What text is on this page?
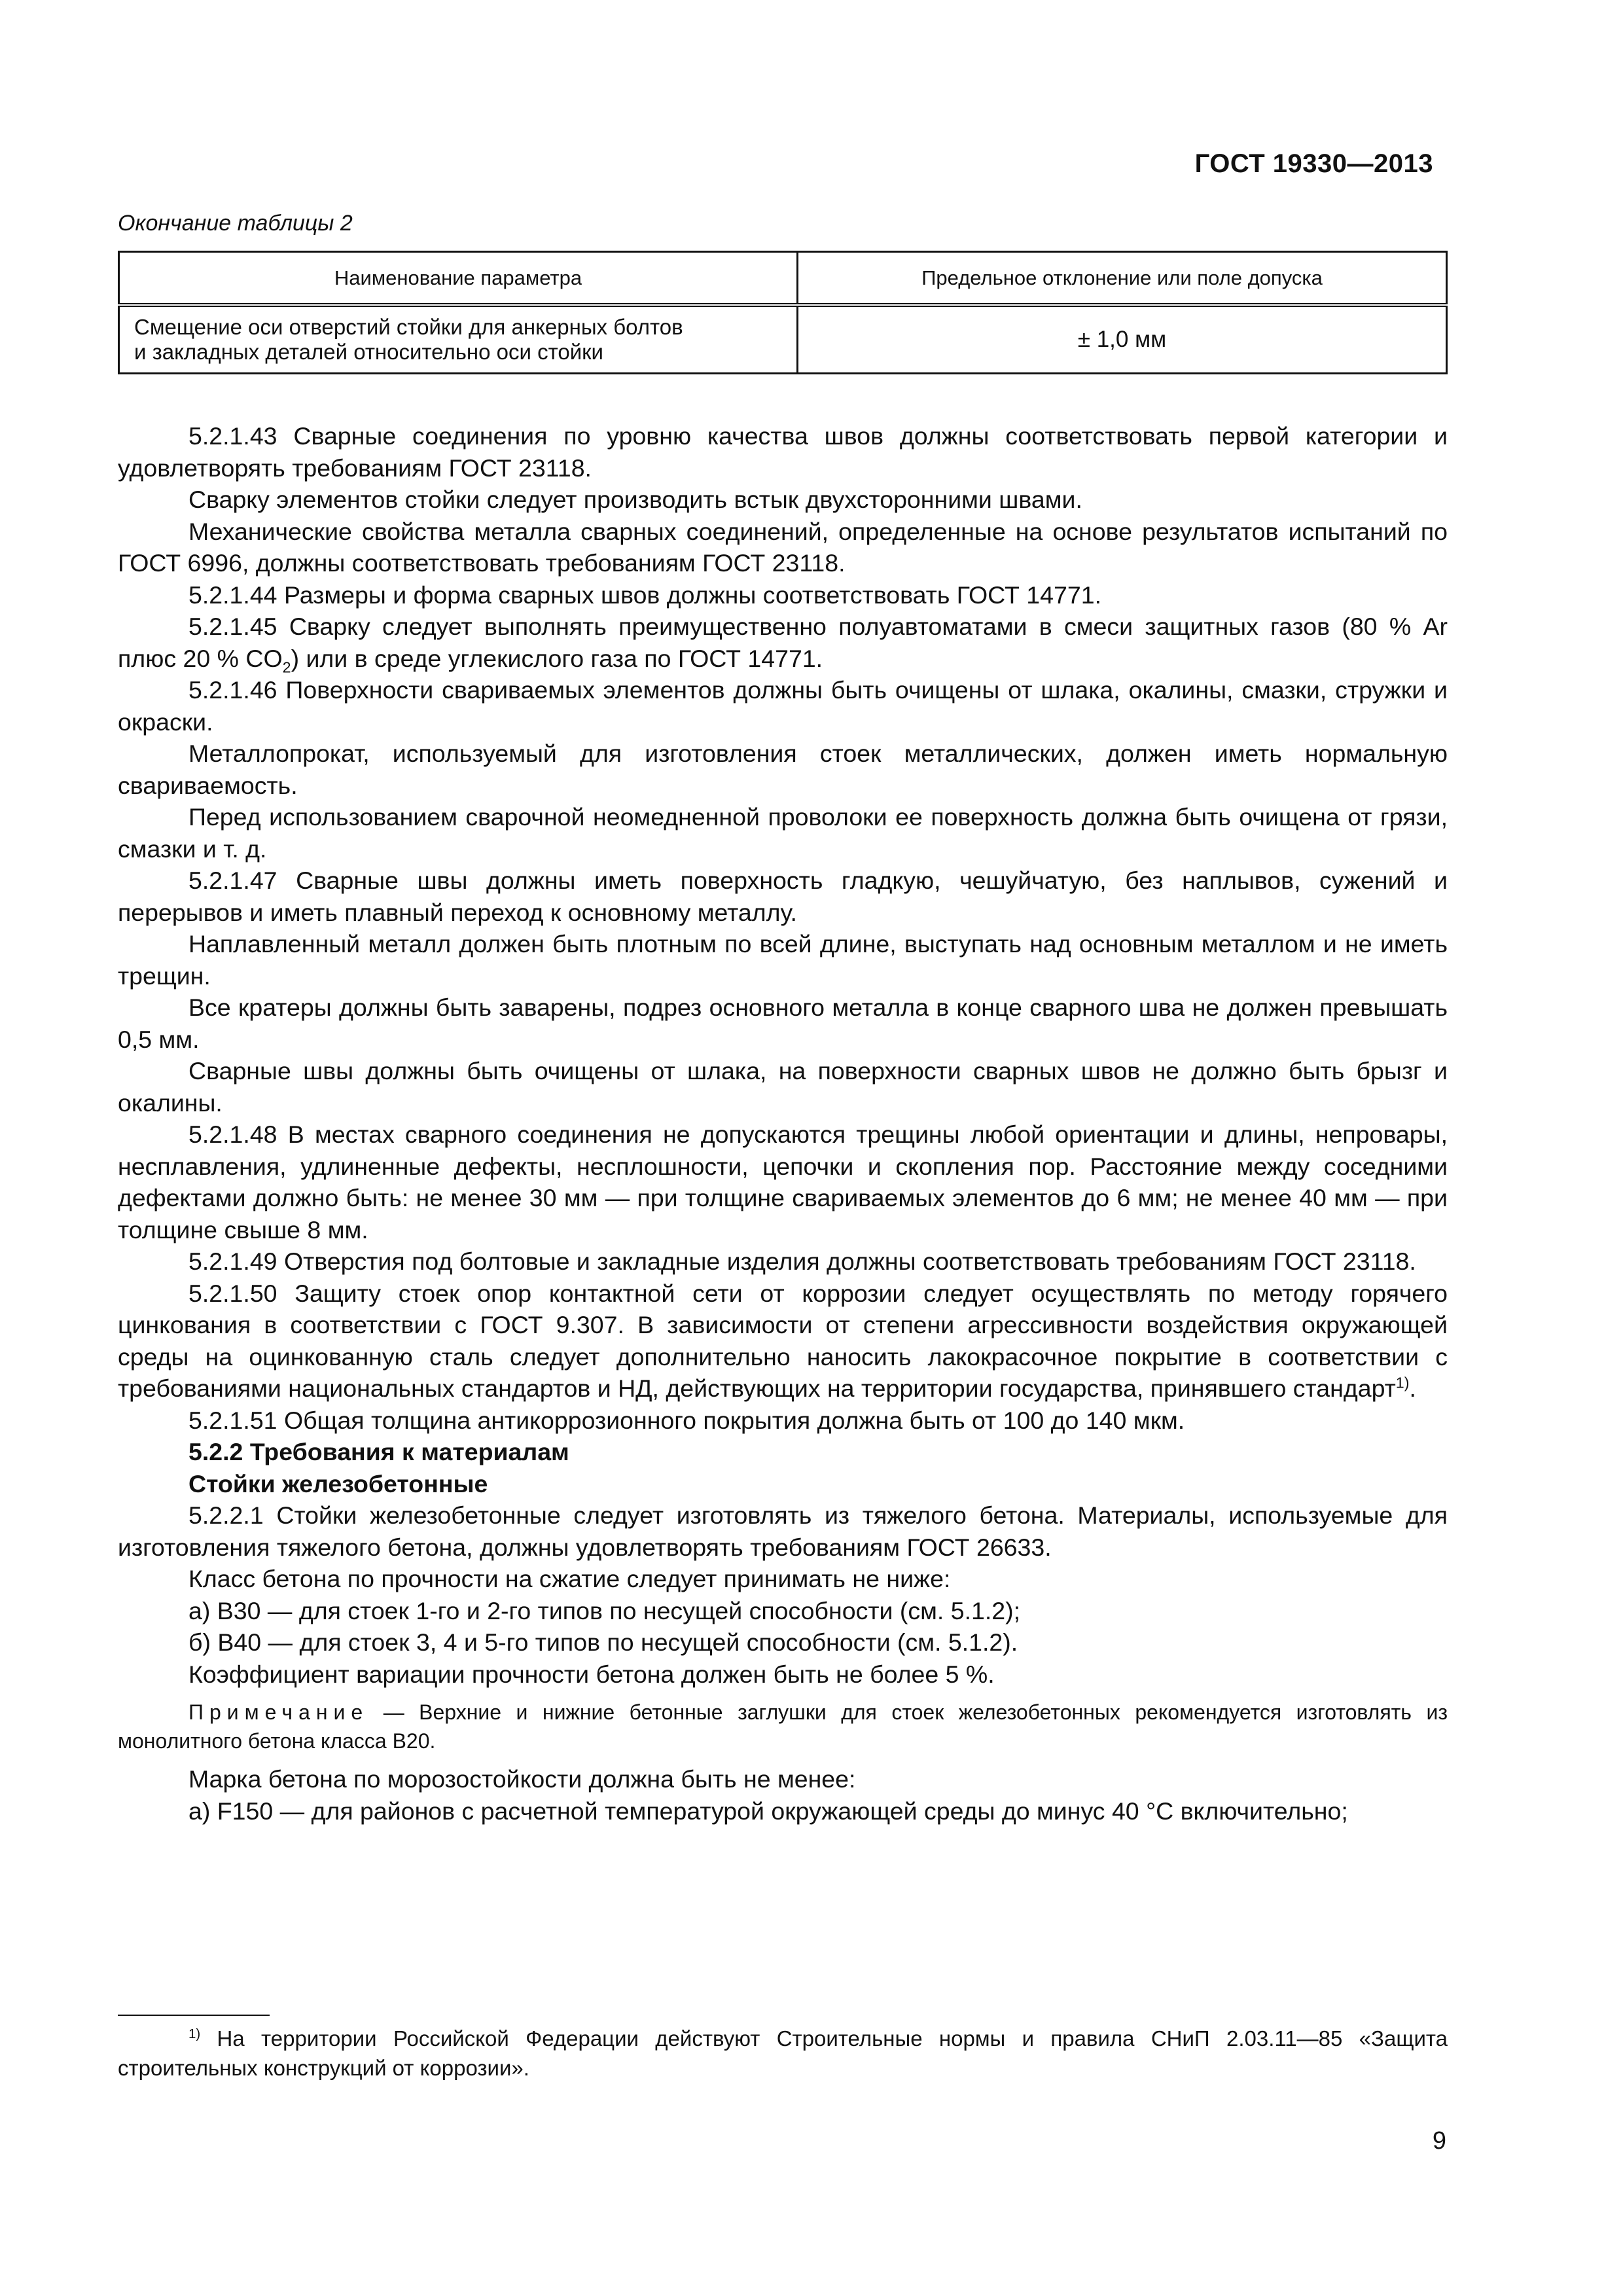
ГОСТ 19330—2013
Окончание таблицы 2
Наименование параметра	Предельное отклонение или поле допуска
Смещение оси отверстий стойки для анкерных болтов
и закладных деталей относительно оси стойки	± 1,0 мм

5.2.1.43 Сварные соединения по уровню качества швов должны соответствовать первой категории и удовлетворять требованиям ГОСТ 23118.

Сварку элементов стойки следует производить встык двухсторонними швами.

Механические свойства металла сварных соединений, определенные на основе результатов испытаний по ГОСТ 6996, должны соответствовать требованиям ГОСТ 23118.

5.2.1.44 Размеры и форма сварных швов должны соответствовать ГОСТ 14771.

5.2.1.45 Сварку следует выполнять преимущественно полуавтоматами в смеси защитных газов (80 % Ar плюс 20 % $CO_2$) или в среде углекислого газа по ГОСТ 14771.

5.2.1.46 Поверхности свариваемых элементов должны быть очищены от шлака, окалины, смазки, стружки и окраски.

Металлопрокат, используемый для изготовления стоек металлических, должен иметь нормальную свариваемость.

Перед использованием сварочной неомедненной проволоки ее поверхность должна быть очищена от грязи, смазки и т. д.

5.2.1.47 Сварные швы должны иметь поверхность гладкую, чешуйчатую, без наплывов, сужений и перерывов и иметь плавный переход к основному металлу.

Наплавленный металл должен быть плотным по всей длине, выступать над основным металлом и не иметь трещин.

Все кратеры должны быть заварены, подрез основного металла в конце сварного шва не должен превышать 0,5 мм.

Сварные швы должны быть очищены от шлака, на поверхности сварных швов не должно быть брызг и окалины.

5.2.1.48 В местах сварного соединения не допускаются трещины любой ориентации и длины, непровары, несплавления, удлиненные дефекты, несплошности, цепочки и скопления пор. Расстояние между соседними дефектами должно быть: не менее 30 мм — при толщине свариваемых элементов до 6 мм; не менее 40 мм — при толщине свыше 8 мм.

5.2.1.49 Отверстия под болтовые и закладные изделия должны соответствовать требованиям ГОСТ 23118.

5.2.1.50 Защиту стоек опор контактной сети от коррозии следует осуществлять по методу горячего цинкования в соответствии с ГОСТ 9.307. В зависимости от степени агрессивности воздействия окружающей среды на оцинкованную сталь следует дополнительно наносить лакокрасочное покрытие в соответствии с требованиями национальных стандартов и НД, действующих на территории государства, принявшего стандарт$^{1)}$.

5.2.1.51 Общая толщина антикоррозионного покрытия должна быть от 100 до 140 мкм.

5.2.2 Требования к материалам

Стойки железобетонные

5.2.2.1 Стойки железобетонные следует изготовлять из тяжелого бетона. Материалы, используемые для изготовления тяжелого бетона, должны удовлетворять требованиям ГОСТ 26633.

Класс бетона по прочности на сжатие следует принимать не ниже:

а) В30 — для стоек 1-го и 2-го типов по несущей способности (см. 5.1.2);

б) В40 — для стоек 3, 4 и 5-го типов по несущей способности (см. 5.1.2).

Коэффициент вариации прочности бетона должен быть не более 5 %.

Примечание — Верхние и нижние бетонные заглушки для стоек железобетонных рекомендуется изготовлять из монолитного бетона класса В20.

Марка бетона по морозостойкости должна быть не менее:

а) F150 — для районов с расчетной температурой окружающей среды до минус 40 °С включительно;

$^{1)}$ На территории Российской Федерации действуют Строительные нормы и правила СНиП 2.03.11—85 «Защита строительных конструкций от коррозии».
9
